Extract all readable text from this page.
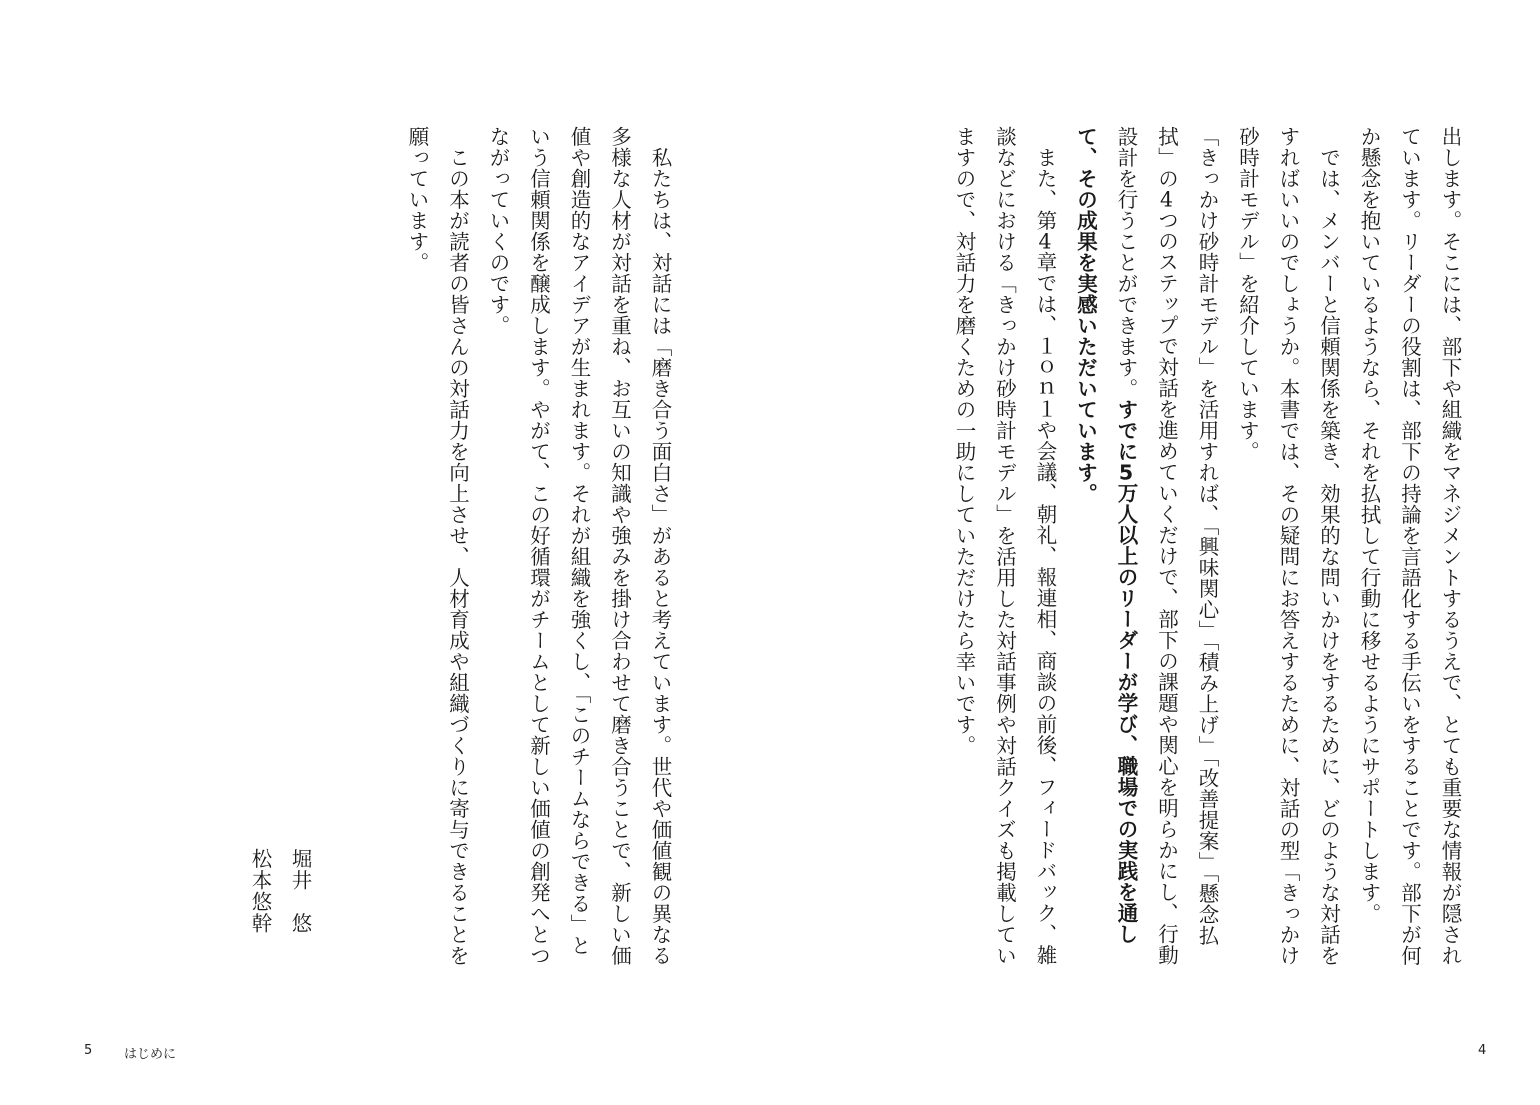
私たちは、対話には「磨き合う面白さ」があると考えています。世代や価値観の異なる多様な人材が対話を重ね、お互いの知識や強みを掛け合わせて磨き合うことで、新しい価値や創造的なアイデアが生まれます。それが組織を強くし、「このチームならできる」という信頼関係を醸成します。やがて、この好循環がチームとして新しい価値の創発へとつながっていくのです。

この本が読者の皆さんの対話力を向上させ、人材育成や組織づくりに寄与できることを願っています。

堀井　悠
松本悠幹
5 はじめに

出します。そこには、部下や組織をマネジメントするうえで、とても重要な情報が隠されています。リーダーの役割は、部下の持論を言語化する手伝いをすることです。部下が何か懸念を抱いているようなら、それを払拭して行動に移せるようにサポートします。

では、メンバーと信頼関係を築き、効果的な問いかけをするために、どのような対話をすればいいのでしょうか。本書では、その疑問にお答えするために、対話の型「きっかけ砂時計モデル」を紹介しています。

「きっかけ砂時計モデル」を活用すれば、「興味関心」「積み上げ」「改善提案」「懸念払拭」の4つのステップで対話を進めていくだけで、部下の課題や関心を明らかにし、行動設計を行うことができます。すでに5万人以上のリーダーが学び、職場での実践を通して、その成果を実感いただいています。

また、第4章では、１ｏｎ１や会議、朝礼、報連相、商談の前後、フィードバック、雑談などにおける「きっかけ砂時計モデル」を活用した対話事例や対話クイズも掲載していますので、対話力を磨くための一助にしていただけたら幸いです。

4
